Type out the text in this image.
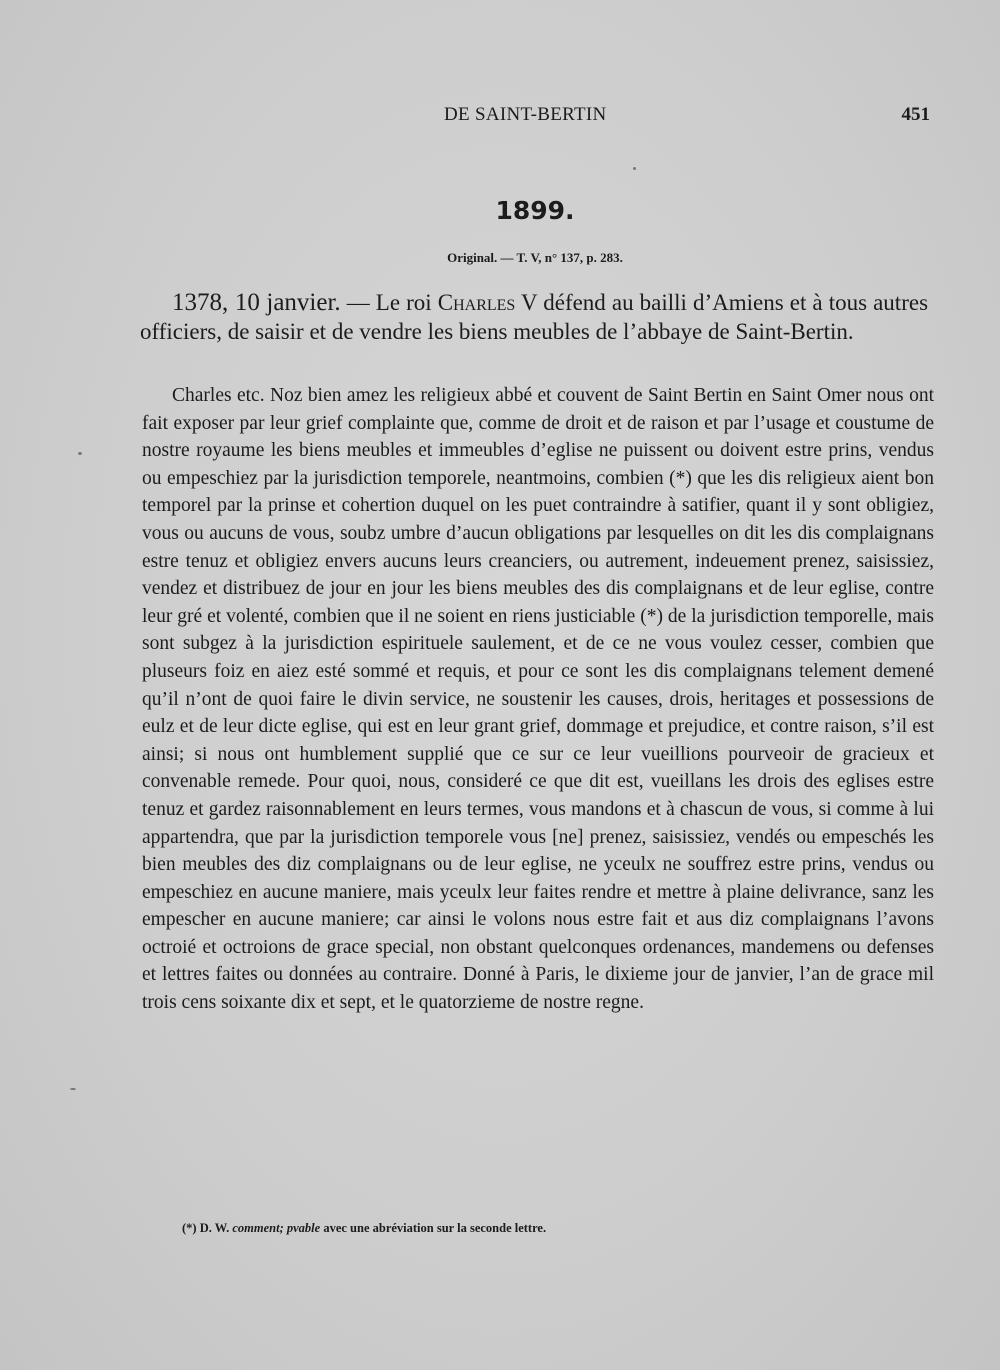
DE SAINT-BERTIN	451
1899.
Original. — T. V, n° 137, p. 283.
1378, 10 janvier. — Le roi Charles V défend au bailli d’Amiens et à tous autres officiers, de saisir et de vendre les biens meubles de l’abbaye de Saint-Bertin.
Charles etc. Noz bien amez les religieux abbé et couvent de Saint Bertin en Saint Omer nous ont fait exposer par leur grief complainte que, comme de droit et de raison et par l’usage et coustume de nostre royaume les biens meubles et immeubles d’eglise ne puissent ou doivent estre prins, vendus ou empeschiez par la jurisdiction temporele, neantmoins, combien (*) que les dis religieux aient bon temporel par la prinse et cohertion duquel on les puet contraindre à satifier, quant il y sont obligiez, vous ou aucuns de vous, soubz umbre d’aucun obligations par lesquelles on dit les dis complaignans estre tenuz et obligiez envers aucuns leurs creanciers, ou autrement, indeuement prenez, saisissiez, vendez et distribuez de jour en jour les biens meubles des dis complaignans et de leur eglise, contre leur gré et volenté, combien que il ne soient en riens justiciable (*) de la jurisdiction temporelle, mais sont subgez à la jurisdiction espirituele saulement, et de ce ne vous voulez cesser, combien que pluseurs foiz en aiez esté sommé et requis, et pour ce sont les dis complaignans telement demené qu’il n’ont de quoi faire le divin service, ne soustenir les causes, drois, heritages et possessions de eulz et de leur dicte eglise, qui est en leur grant grief, dommage et prejudice, et contre raison, s’il est ainsi; si nous ont humblement supplié que ce sur ce leur vueillions pourveoir de gracieux et convenable remede. Pour quoi, nous, consideré ce que dit est, vueillans les drois des eglises estre tenuz et gardez raisonnablement en leurs termes, vous mandons et à chascun de vous, si comme à lui appartendra, que par la jurisdiction temporele vous [ne] prenez, saisissiez, vendés ou empeschés les bien meubles des diz complaignans ou de leur eglise, ne yceulx ne souffrez estre prins, vendus ou empeschiez en aucune maniere, mais yceulx leur faites rendre et mettre à plaine delivrance, sanz les empescher en aucune maniere; car ainsi le volons nous estre fait et aus diz complaignans l’avons octroié et octroions de grace special, non obstant quelconques ordenances, mandemens ou defenses et lettres faites ou données au contraire. Donné à Paris, le dixieme jour de janvier, l’an de grace mil trois cens soixante dix et sept, et le quatorzieme de nostre regne.
(*) D. W. comment; pvable avec une abréviation sur la seconde lettre.
